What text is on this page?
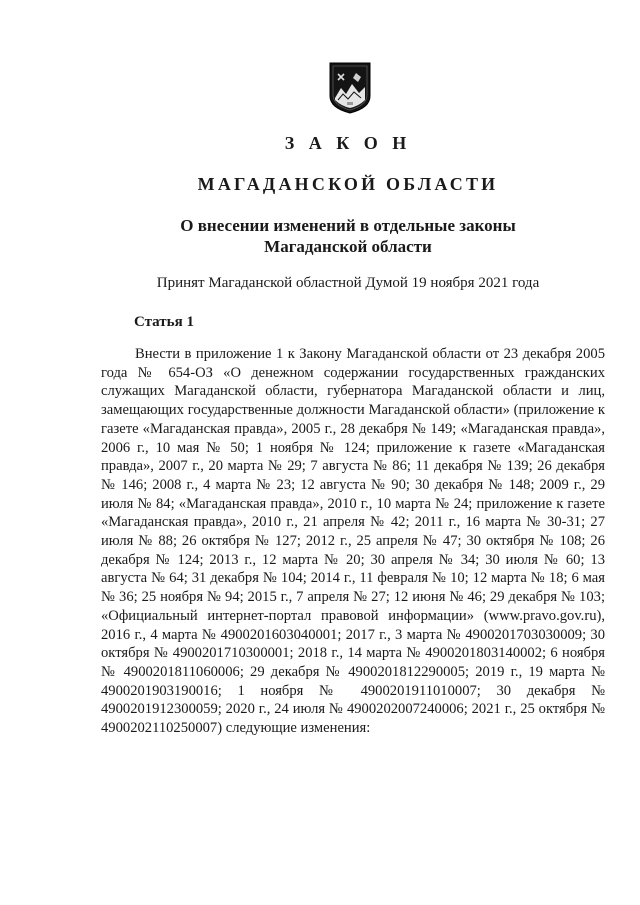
З А К О Н
МАГАДАНСКОЙ ОБЛАСТИ
О внесении изменений в отдельные законы
Магаданской области
Принят Магаданской областной Думой 19 ноября 2021 года
Статья 1

Внести в приложение 1 к Закону Магаданской области от 23 декабря 2005 года № 654-ОЗ «О денежном содержании государственных гражданских служащих Магаданской области, губернатора Магаданской области и лиц, замещающих государственные должности Магаданской области» (приложение к газете «Магаданская правда», 2005 г., 28 декабря № 149; «Магаданская правда», 2006 г., 10 мая № 50; 1 ноября № 124; приложение к газете «Магаданская правда», 2007 г., 20 марта № 29; 7 августа № 86; 11 декабря № 139; 26 декабря № 146; 2008 г., 4 марта № 23; 12 августа № 90; 30 декабря № 148; 2009 г., 29 июля № 84; «Магаданская правда», 2010 г., 10 марта № 24; приложение к газете «Магаданская правда», 2010 г., 21 апреля № 42; 2011 г., 16 марта № 30-31; 27 июля № 88; 26 октября № 127; 2012 г., 25 апреля № 47; 30 октября № 108; 26 декабря № 124; 2013 г., 12 марта № 20; 30 апреля № 34; 30 июля № 60; 13 августа № 64; 31 декабря № 104; 2014 г., 11 февраля № 10; 12 марта № 18; 6 мая № 36; 25 ноября № 94; 2015 г., 7 апреля № 27; 12 июня № 46; 29 декабря № 103; «Официальный интернет-портал правовой информации» (www.pravo.gov.ru), 2016 г., 4 марта № 4900201603040001; 2017 г., 3 марта № 4900201703030009; 30 октября № 4900201710300001; 2018 г., 14 марта № 4900201803140002; 6 ноября № 4900201811060006; 29 декабря № 4900201812290005; 2019 г., 19 марта № 4900201903190016; 1 ноября № 4900201911010007; 30 декабря № 4900201912300059; 2020 г., 24 июля № 4900202007240006; 2021 г., 25 октября № 4900202110250007) следующие изменения:
